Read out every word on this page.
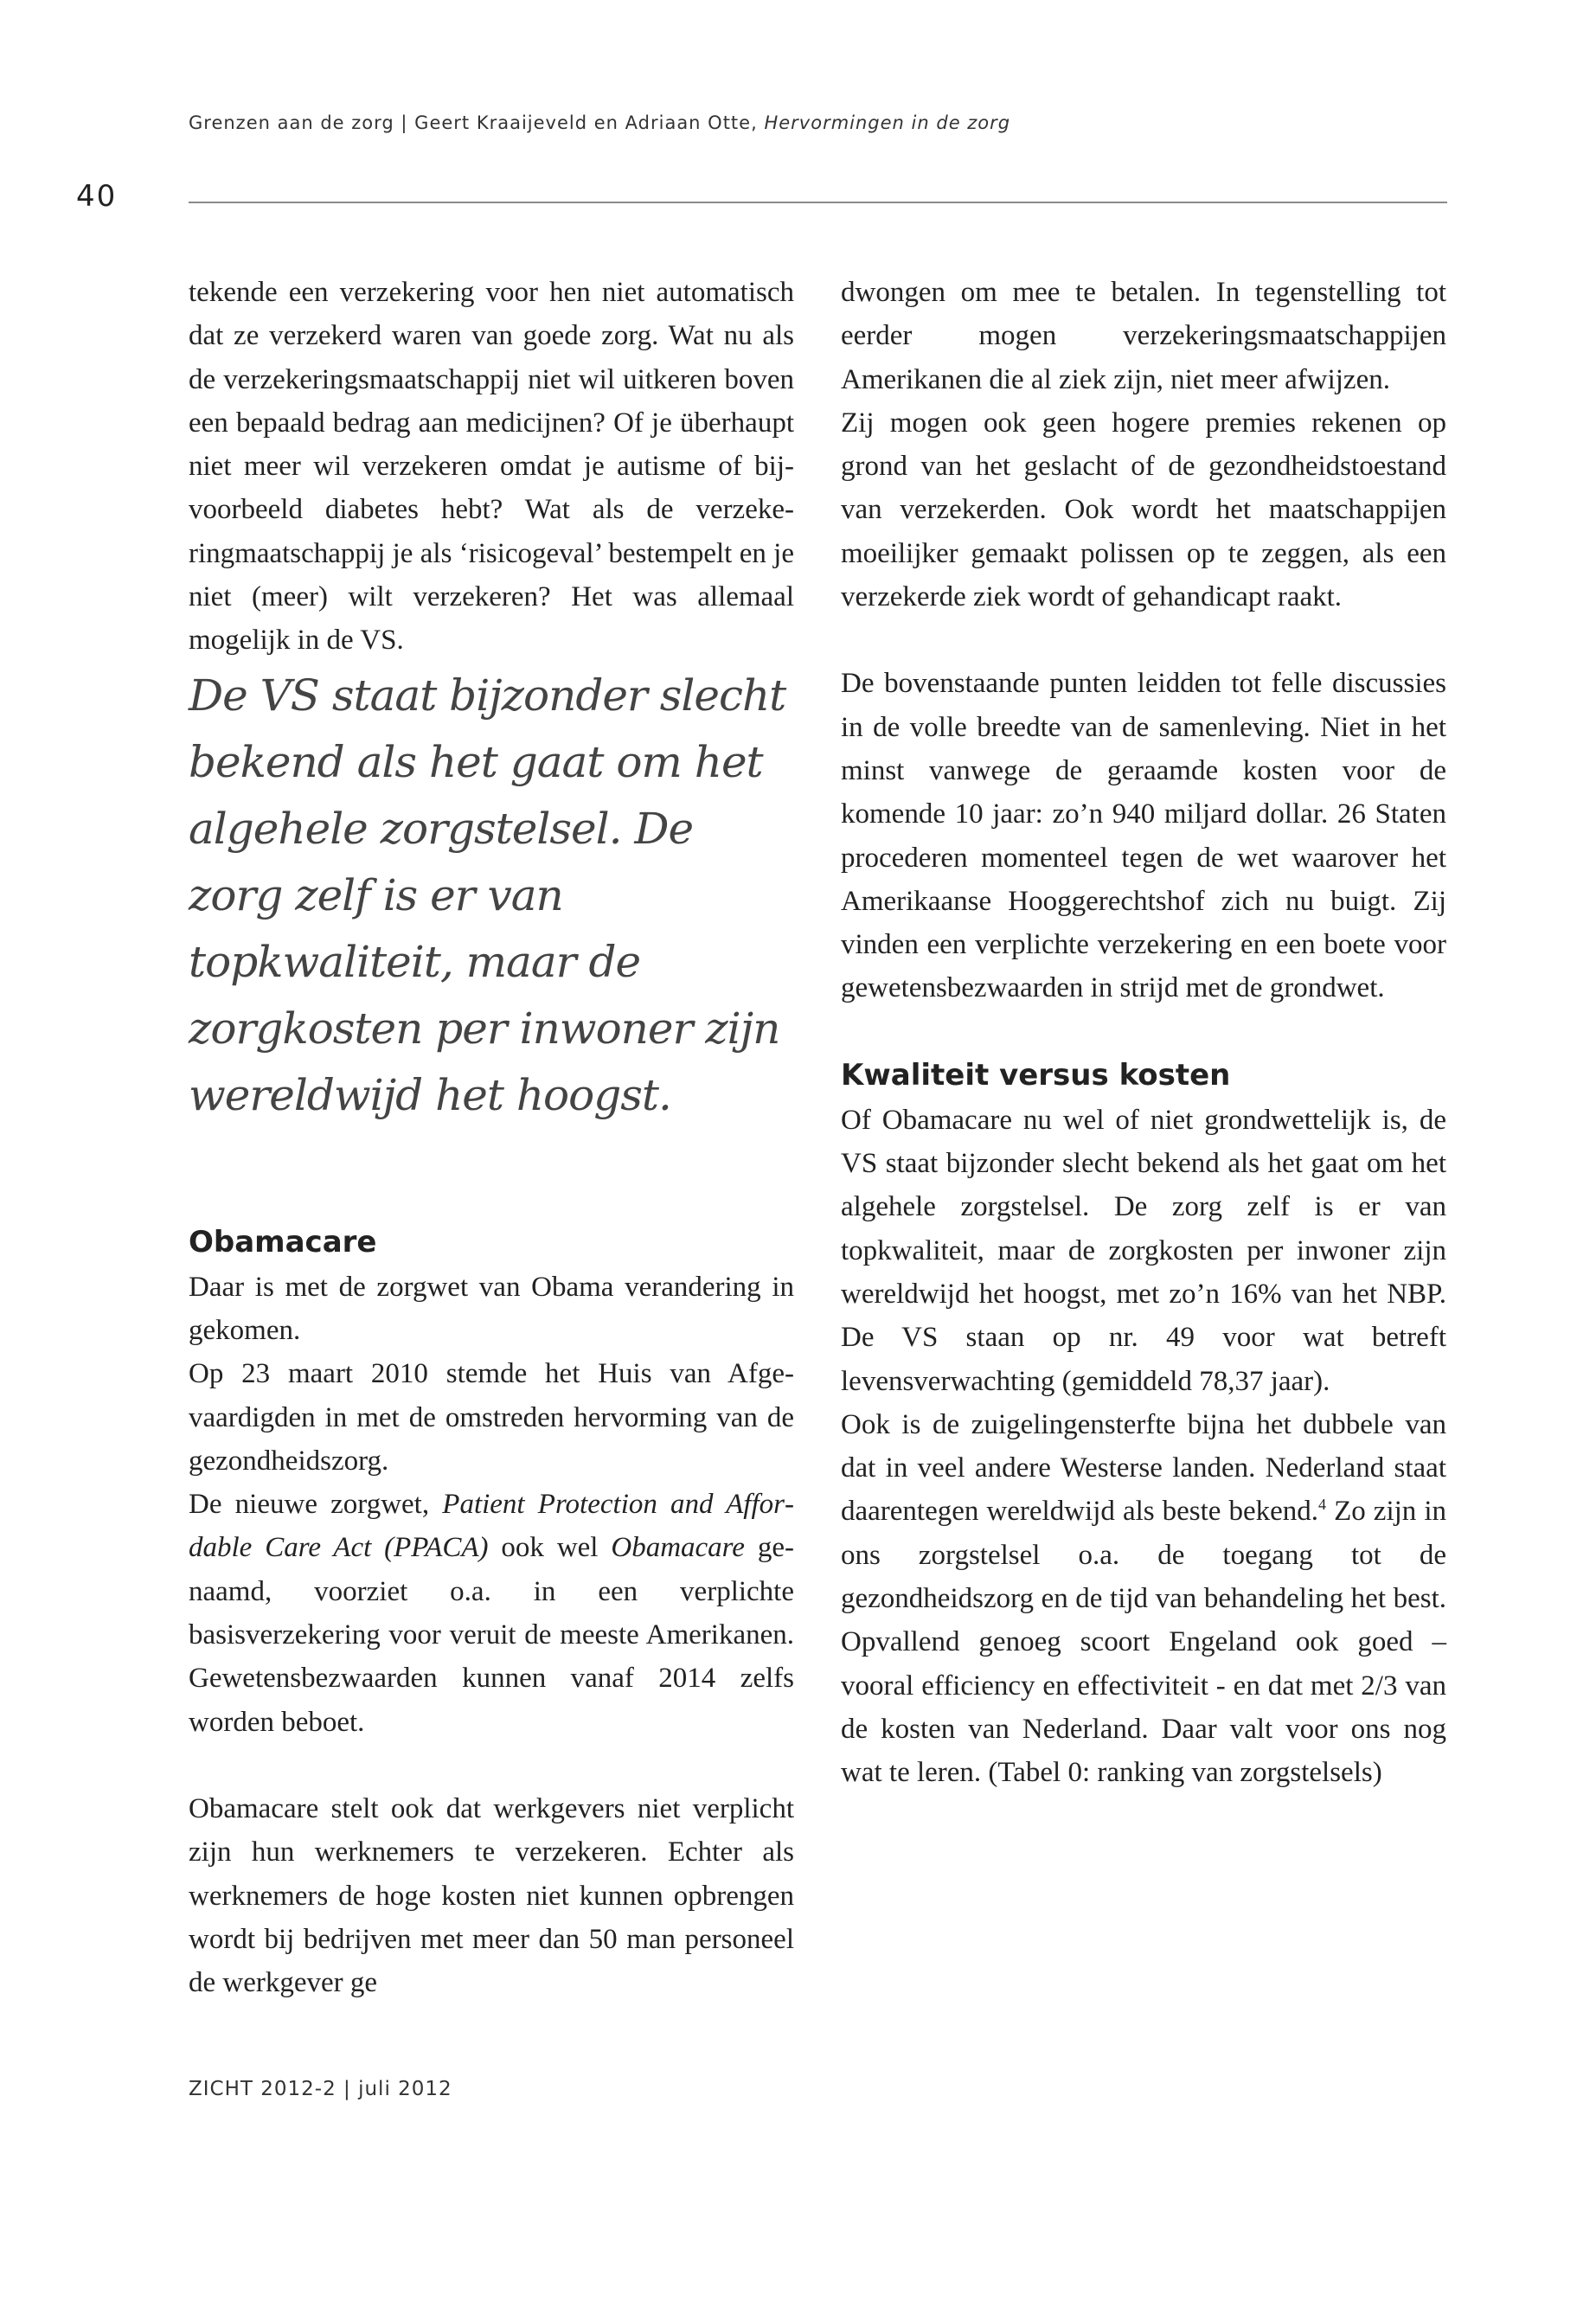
Grenzen aan de zorg | Geert Kraaijeveld en Adriaan Otte, Hervormingen in de zorg
40

tekende een verzekering voor hen niet automatisch dat ze verzekerd waren van goede zorg. Wat nu als de verzekeringsmaatschappij niet wil uitkeren boven een bepaald bedrag aan medicijnen? Of je überhaupt niet meer wil verzekeren omdat je autisme of bijvoorbeeld diabetes hebt? Wat als de verzekeringmaatschappij je als ‘risicogeval’ bestempelt en je niet (meer) wilt verzekeren? Het was allemaal mogelijk in de VS.

De VS staat bijzonder slecht bekend als het gaat om het algehele zorgstelsel. De zorg zelf is er van topkwaliteit, maar de zorgkosten per inwoner zijn wereldwijd het hoogst.

Obamacare

Daar is met de zorgwet van Obama verandering in gekomen.

Op 23 maart 2010 stemde het Huis van Afgevaardigden in met de omstreden hervorming van de gezondheidszorg.

De nieuwe zorgwet, Patient Protection and Affordable Care Act (PPACA) ook wel Obamacare genaamd, voorziet o.a. in een verplichte basisverzekering voor veruit de meeste Amerikanen. Gewetensbezwaarden kunnen vanaf 2014 zelfs worden beboet.

Obamacare stelt ook dat werkgevers niet verplicht zijn hun werknemers te verzekeren. Echter als werknemers de hoge kosten niet kunnen opbrengen wordt bij bedrijven met meer dan 50 man personeel de werkgever ge

dwongen om mee te betalen. In tegenstelling tot eerder mogen verzekeringsmaatschappijen Amerikanen die al ziek zijn, niet meer afwijzen.

Zij mogen ook geen hogere premies rekenen op grond van het geslacht of de gezondheidstoestand van verzekerden. Ook wordt het maatschappijen moeilijker gemaakt polissen op te zeggen, als een verzekerde ziek wordt of gehandicapt raakt.

De bovenstaande punten leidden tot felle discussies in de volle breedte van de samenleving. Niet in het minst vanwege de geraamde kosten voor de komende 10 jaar: zo’n 940 miljard dollar. 26 Staten procederen momenteel tegen de wet waarover het Amerikaanse Hooggerechtshof zich nu buigt. Zij vinden een verplichte verzekering en een boete voor gewetensbezwaarden in strijd met de grondwet.

Kwaliteit versus kosten

Of Obamacare nu wel of niet grondwettelijk is, de VS staat bijzonder slecht bekend als het gaat om het algehele zorgstelsel. De zorg zelf is er van topkwaliteit, maar de zorgkosten per inwoner zijn wereldwijd het hoogst, met zo’n 16% van het NBP. De VS staan op nr. 49 voor wat betreft levensverwachting (gemiddeld 78,37 jaar).

Ook is de zuigelingensterfte bijna het dubbele van dat in veel andere Westerse landen. Nederland staat daarentegen wereldwijd als beste bekend.$^4$ Zo zijn in ons zorgstelsel o.a. de toegang tot de gezondheidszorg en de tijd van behandeling het best. Opvallend genoeg scoort Engeland ook goed – vooral efficiency en effectiviteit - en dat met 2/3 van de kosten van Nederland. Daar valt voor ons nog wat te leren. (Tabel 0: ranking van zorgstelsels)

ZICHT 2012-2 | juli 2012
